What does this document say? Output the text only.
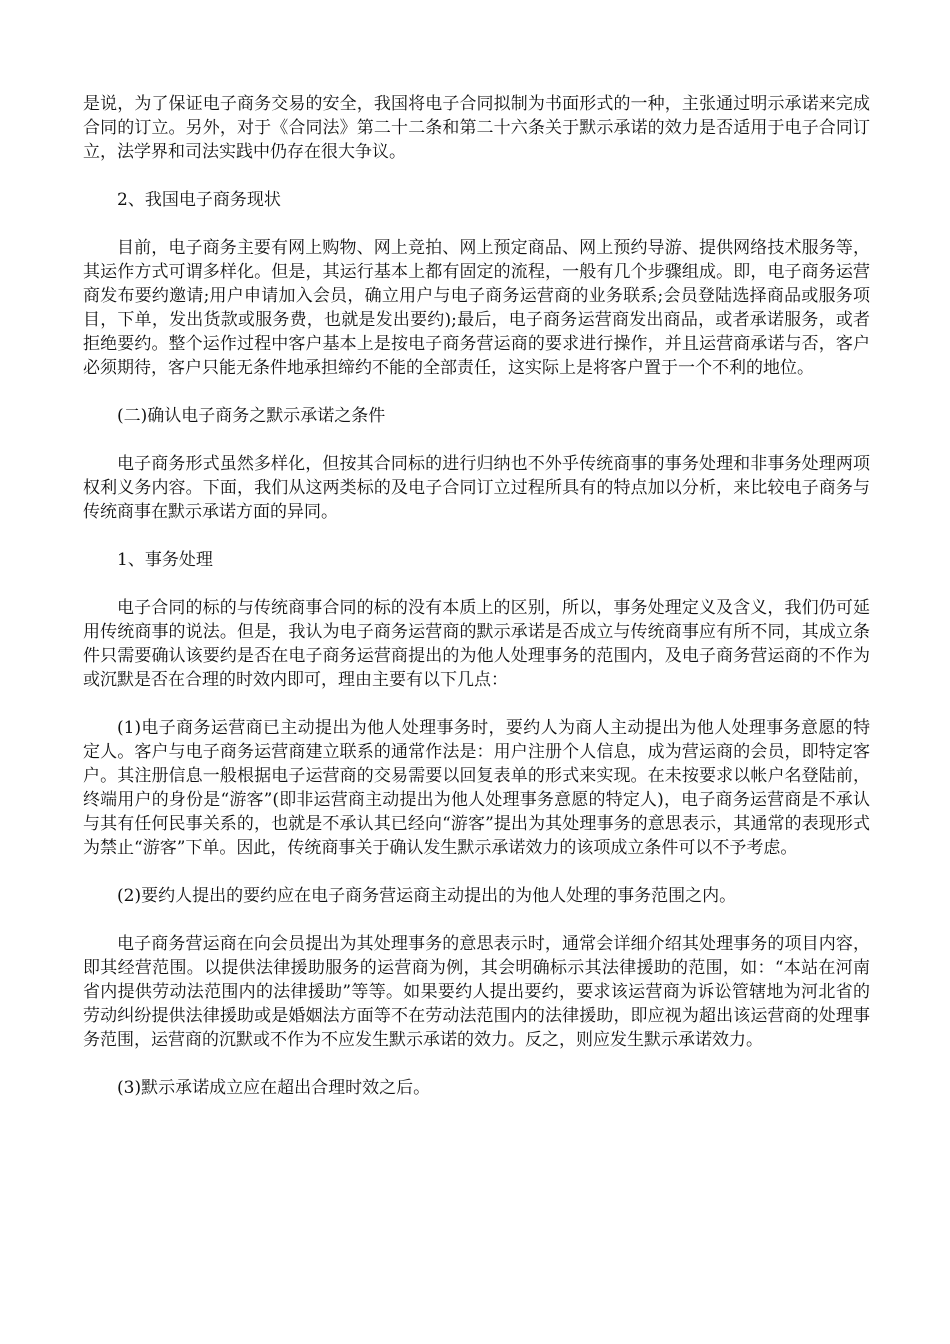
是说，为了保证电子商务交易的安全，我国将电子合同拟制为书面形式的一种，主张通过明示承诺来完成合同的订立。另外，对于《合同法》第二十二条和第二十六条关于默示承诺的效力是否适用于电子合同订立，法学界和司法实践中仍存在很大争议。

2、我国电子商务现状

目前，电子商务主要有网上购物、网上竞拍、网上预定商品、网上预约导游、提供网络技术服务等，其运作方式可谓多样化。但是，其运行基本上都有固定的流程，一般有几个步骤组成。即，电子商务运营商发布要约邀请;用户申请加入会员，确立用户与电子商务运营商的业务联系;会员登陆选择商品或服务项目，下单，发出货款或服务费，也就是发出要约);最后，电子商务运营商发出商品，或者承诺服务，或者拒绝要约。整个运作过程中客户基本上是按电子商务营运商的要求进行操作，并且运营商承诺与否，客户必须期待，客户只能无条件地承担缔约不能的全部责任，这实际上是将客户置于一个不利的地位。

(二)确认电子商务之默示承诺之条件

电子商务形式虽然多样化，但按其合同标的进行归纳也不外乎传统商事的事务处理和非事务处理两项权利义务内容。下面，我们从这两类标的及电子合同订立过程所具有的特点加以分析，来比较电子商务与传统商事在默示承诺方面的异同。

1、事务处理

电子合同的标的与传统商事合同的标的没有本质上的区别，所以，事务处理定义及含义，我们仍可延用传统商事的说法。但是，我认为电子商务运营商的默示承诺是否成立与传统商事应有所不同，其成立条件只需要确认该要约是否在电子商务运营商提出的为他人处理事务的范围内，及电子商务营运商的不作为或沉默是否在合理的时效内即可，理由主要有以下几点：

(1)电子商务运营商已主动提出为他人处理事务时，要约人为商人主动提出为他人处理事务意愿的特定人。客户与电子商务运营商建立联系的通常作法是：用户注册个人信息，成为营运商的会员，即特定客户。其注册信息一般根据电子运营商的交易需要以回复表单的形式来实现。在未按要求以帐户名登陆前，终端用户的身份是“游客”(即非运营商主动提出为他人处理事务意愿的特定人)，电子商务运营商是不承认与其有任何民事关系的，也就是不承认其已经向“游客”提出为其处理事务的意思表示，其通常的表现形式为禁止“游客”下单。因此，传统商事关于确认发生默示承诺效力的该项成立条件可以不予考虑。

(2)要约人提出的要约应在电子商务营运商主动提出的为他人处理的事务范围之内。

电子商务营运商在向会员提出为其处理事务的意思表示时，通常会详细介绍其处理事务的项目内容，即其经营范围。以提供法律援助服务的运营商为例，其会明确标示其法律援助的范围，如：“本站在河南省内提供劳动法范围内的法律援助”等等。如果要约人提出要约，要求该运营商为诉讼管辖地为河北省的劳动纠纷提供法律援助或是婚姻法方面等不在劳动法范围内的法律援助，即应视为超出该运营商的处理事务范围，运营商的沉默或不作为不应发生默示承诺的效力。反之，则应发生默示承诺效力。

(3)默示承诺成立应在超出合理时效之后。
